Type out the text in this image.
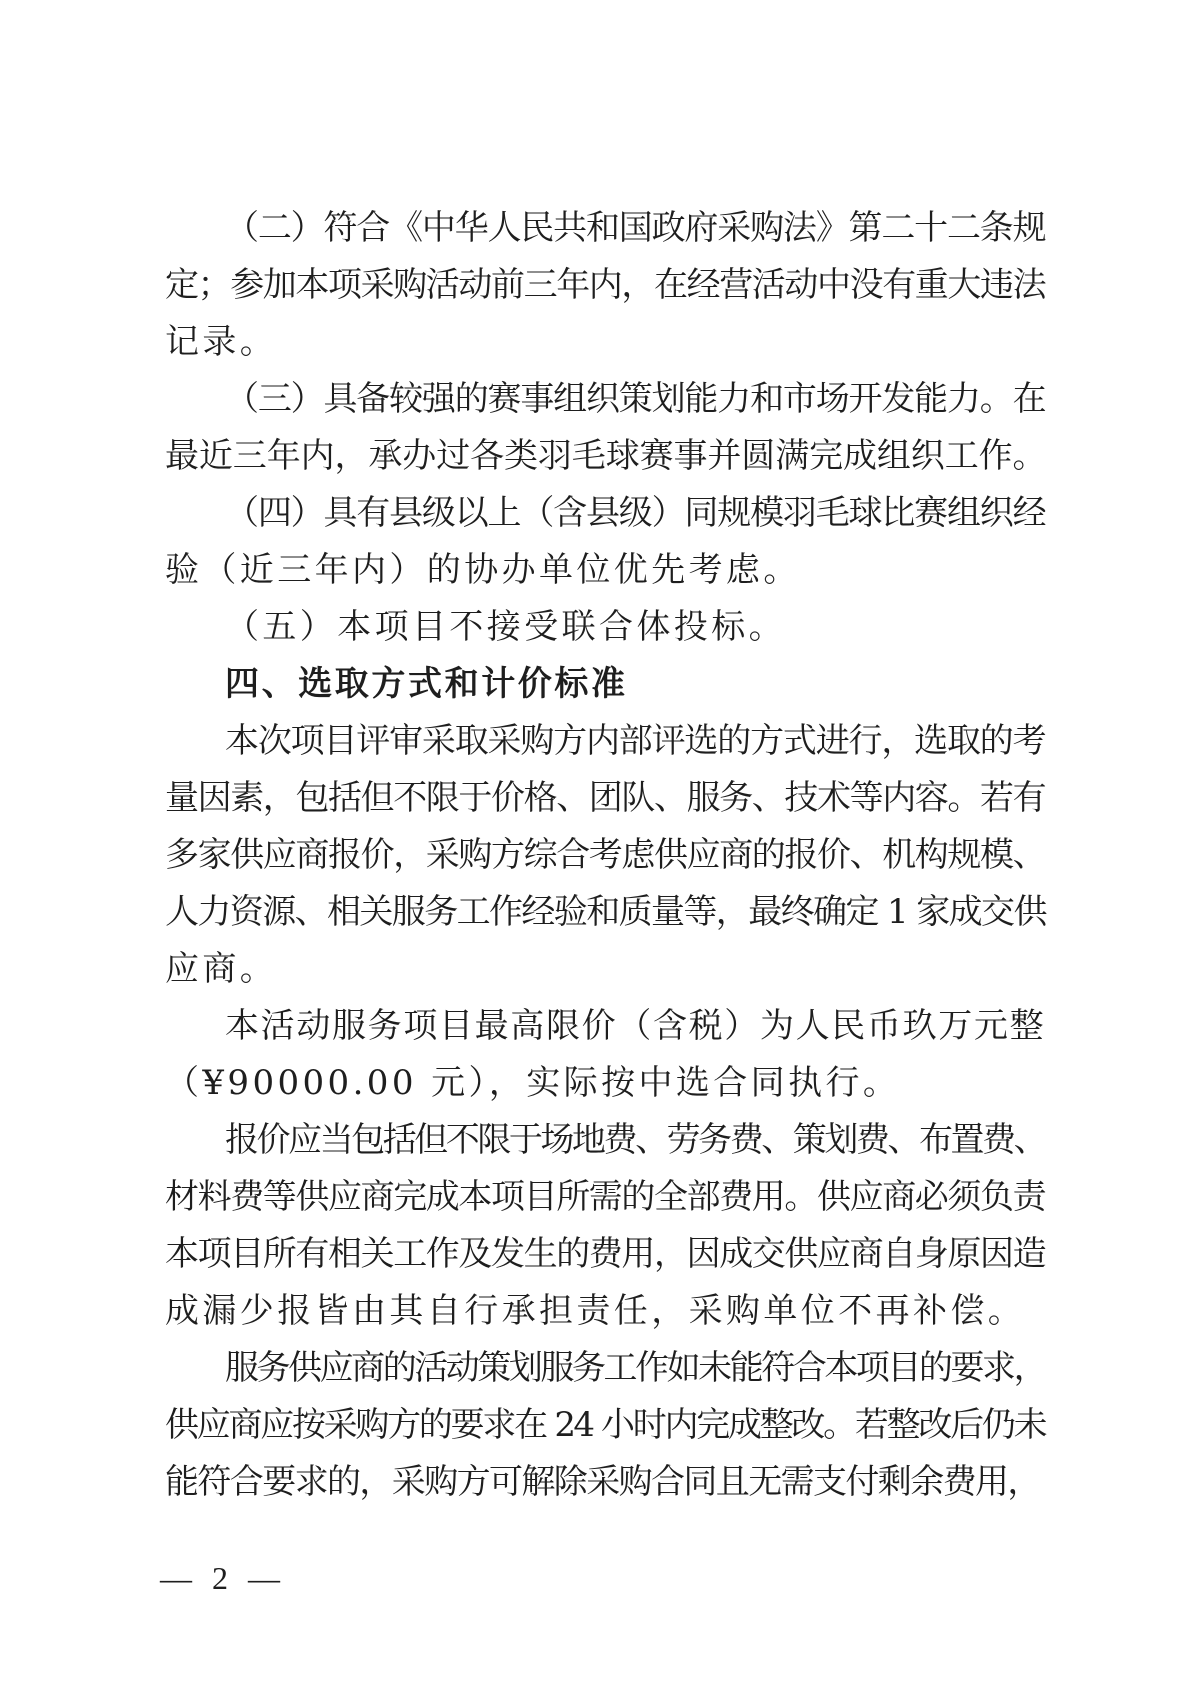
（二）符合《中华人民共和国政府采购法》第二十二条规
定；参加本项采购活动前三年内，在经营活动中没有重大违法
记录。
（三）具备较强的赛事组织策划能力和市场开发能力。在
最近三年内，承办过各类羽毛球赛事并圆满完成组织工作。
（四）具有县级以上（含县级）同规模羽毛球比赛组织经
验（近三年内）的协办单位优先考虑。
（五）本项目不接受联合体投标。
四、选取方式和计价标准
本次项目评审采取采购方内部评选的方式进行，选取的考
量因素，包括但不限于价格、团队、服务、技术等内容。若有
多家供应商报价，采购方综合考虑供应商的报价、机构规模、
人力资源、相关服务工作经验和质量等，最终确定 1 家成交供
应商。
本活动服务项目最高限价（含税）为人民币玖万元整
（¥90000.00 元），实际按中选合同执行。
报价应当包括但不限于场地费、劳务费、策划费、布置费、
材料费等供应商完成本项目所需的全部费用。供应商必须负责
本项目所有相关工作及发生的费用，因成交供应商自身原因造
成漏少报皆由其自行承担责任，采购单位不再补偿。
服务供应商的活动策划服务工作如未能符合本项目的要求，
供应商应按采购方的要求在 24 小时内完成整改。若整改后仍未
能符合要求的，采购方可解除采购合同且无需支付剩余费用，
— 2 —
